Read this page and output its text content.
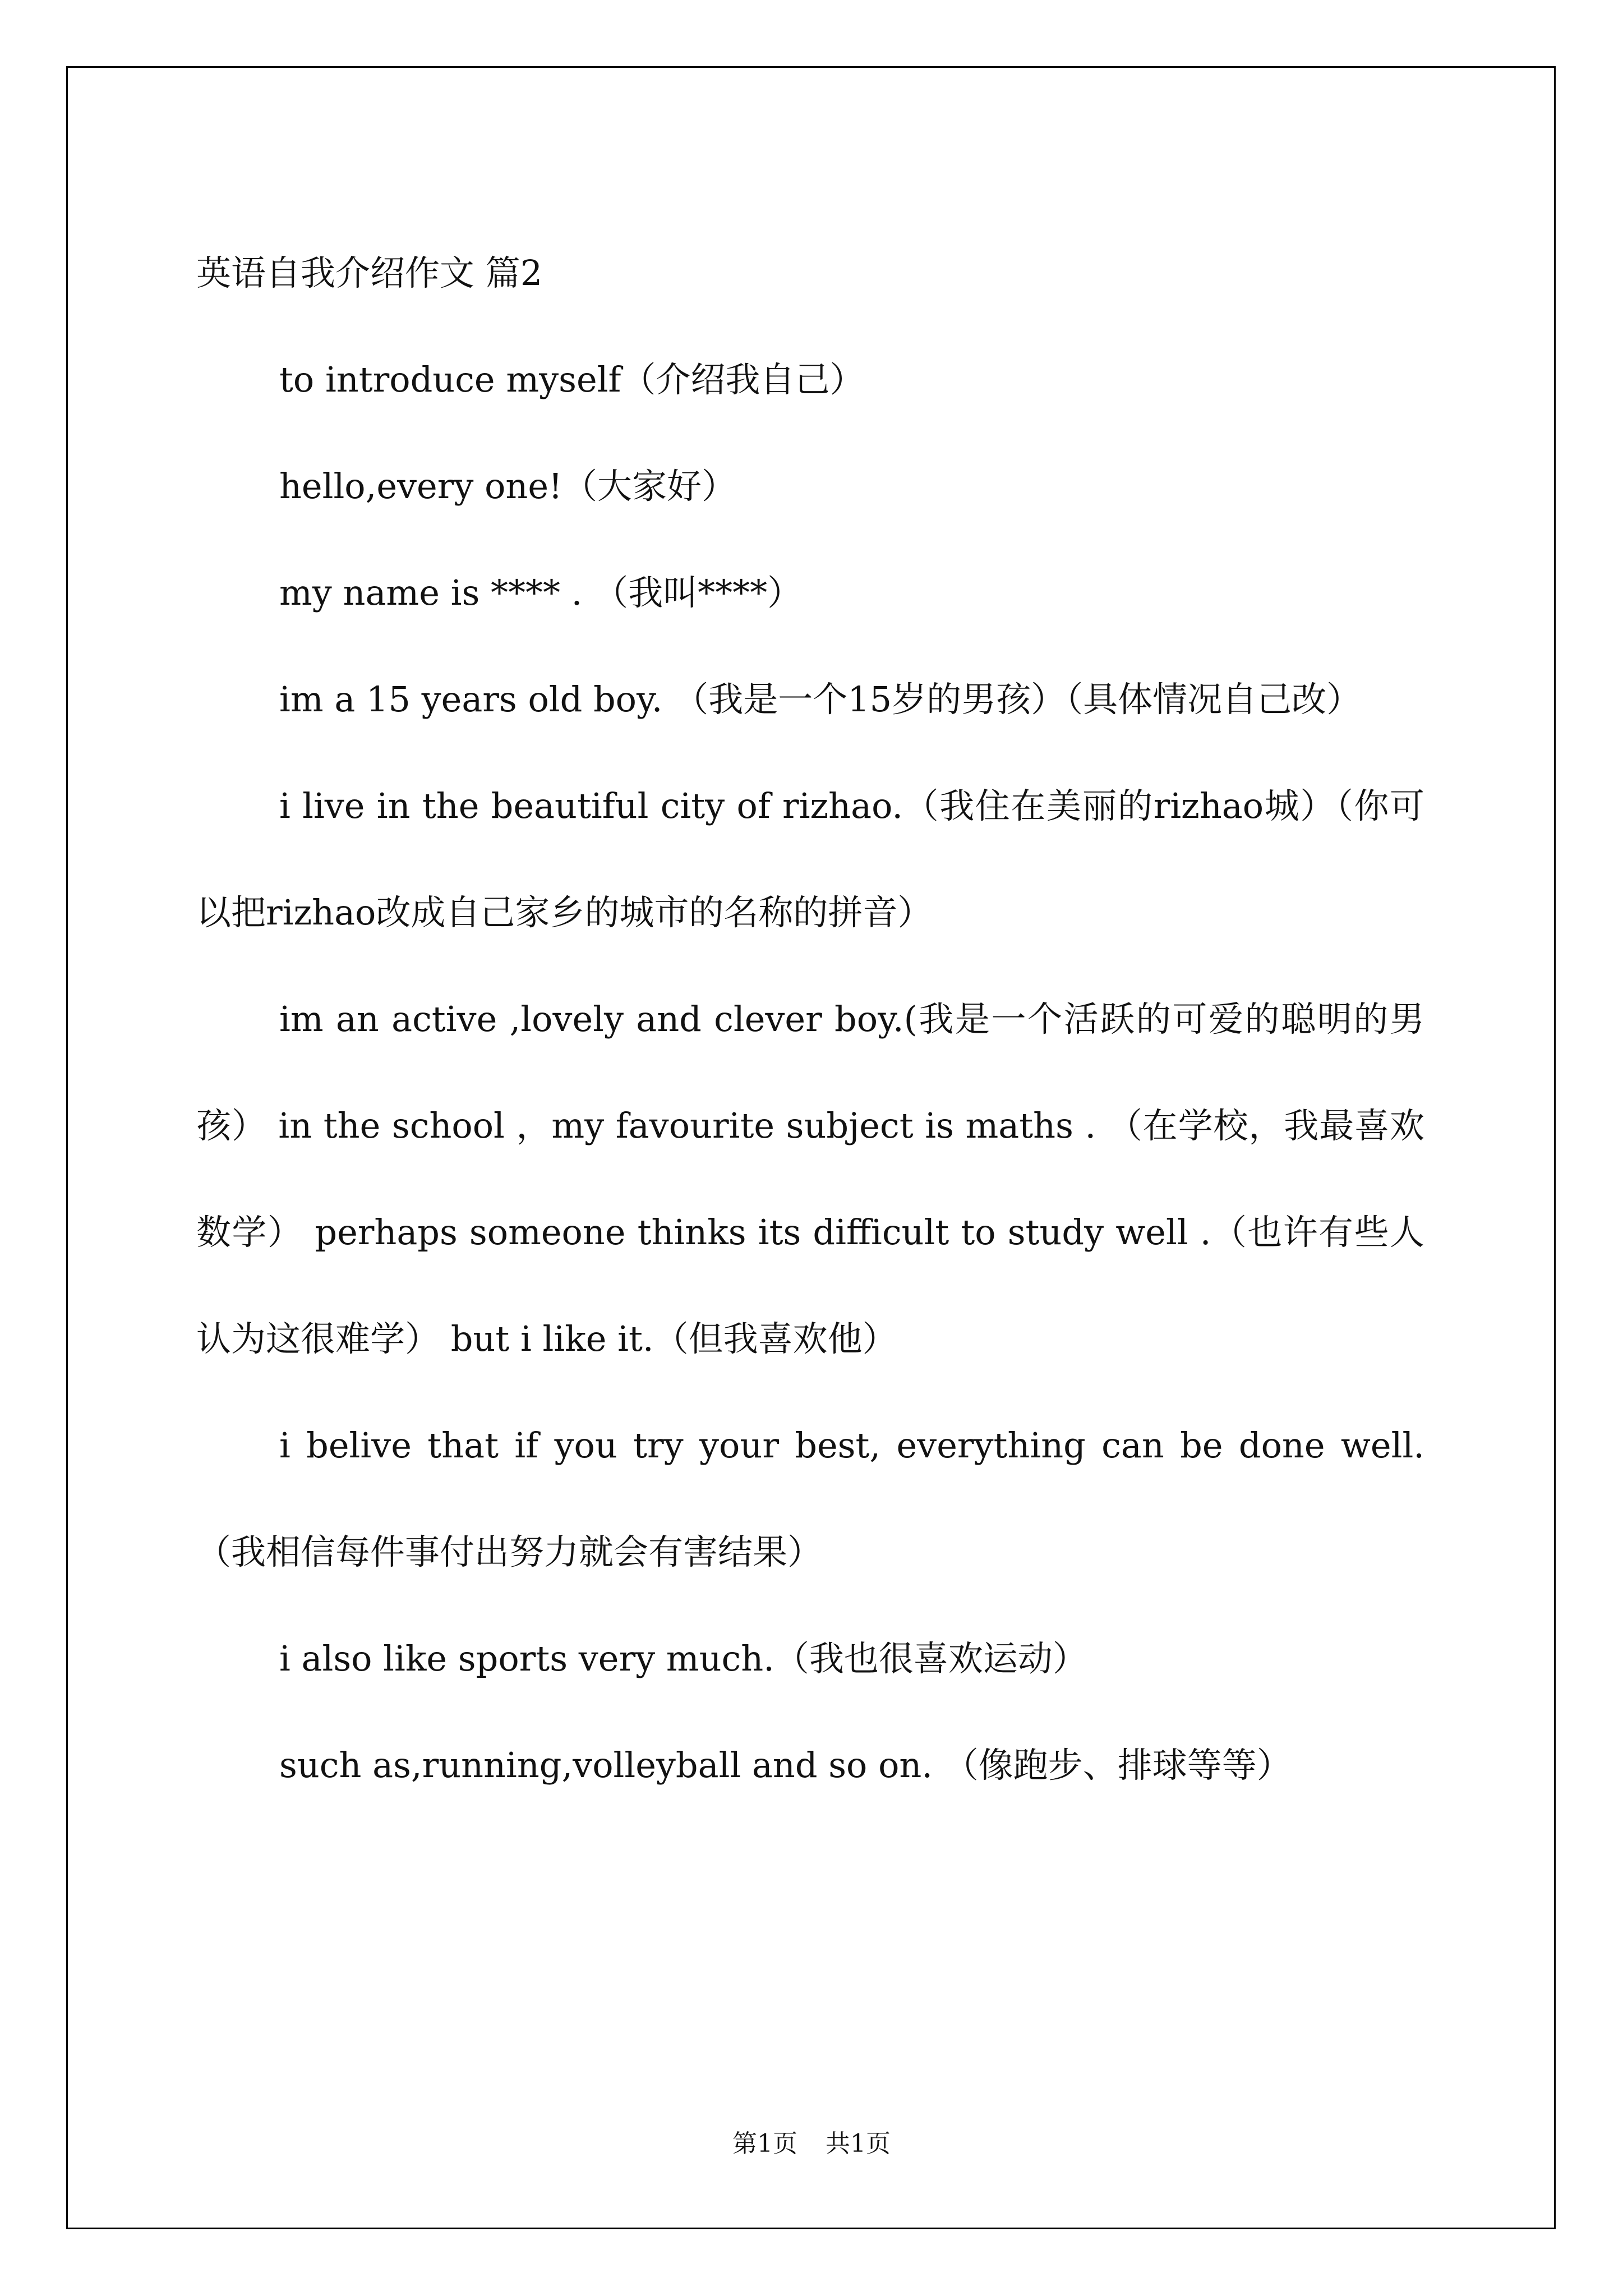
英语自我介绍作文 篇2

to introduce myself（介绍我自己）

hello,every one!（大家好）

my name is **** . （我叫****）

im a 15 years old boy. （我是一个15岁的男孩）（具体情况自己改）

i live in the beautiful city of rizhao.（我住在美丽的rizhao城）（你可以把rizhao改成自己家乡的城市的名称的拼音）

im an active ,lovely and clever boy.(我是一个活跃的可爱的聪明的男孩） in the school ，my favourite subject is maths . （在学校，我最喜欢数学） perhaps someone thinks its difficult to study well .（也许有些人认为这很难学） but i like it.（但我喜欢他）

i belive that if you try your best, everything can be done well.（我相信每件事付出努力就会有害结果）

i also like sports very much.（我也很喜欢运动）

such as,running,volleyball and so on. （像跑步、排球等等）

第1页 共1页
